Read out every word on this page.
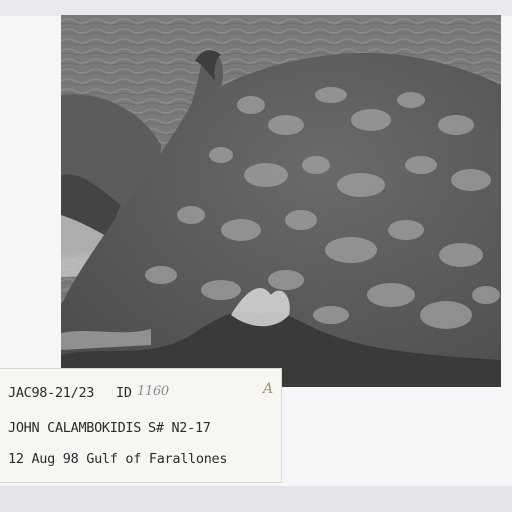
JAC98-21/23 ID 1160	A
JOHN CALAMBOKIDIS S# N2-17
12 Aug 98 Gulf of Farallones
